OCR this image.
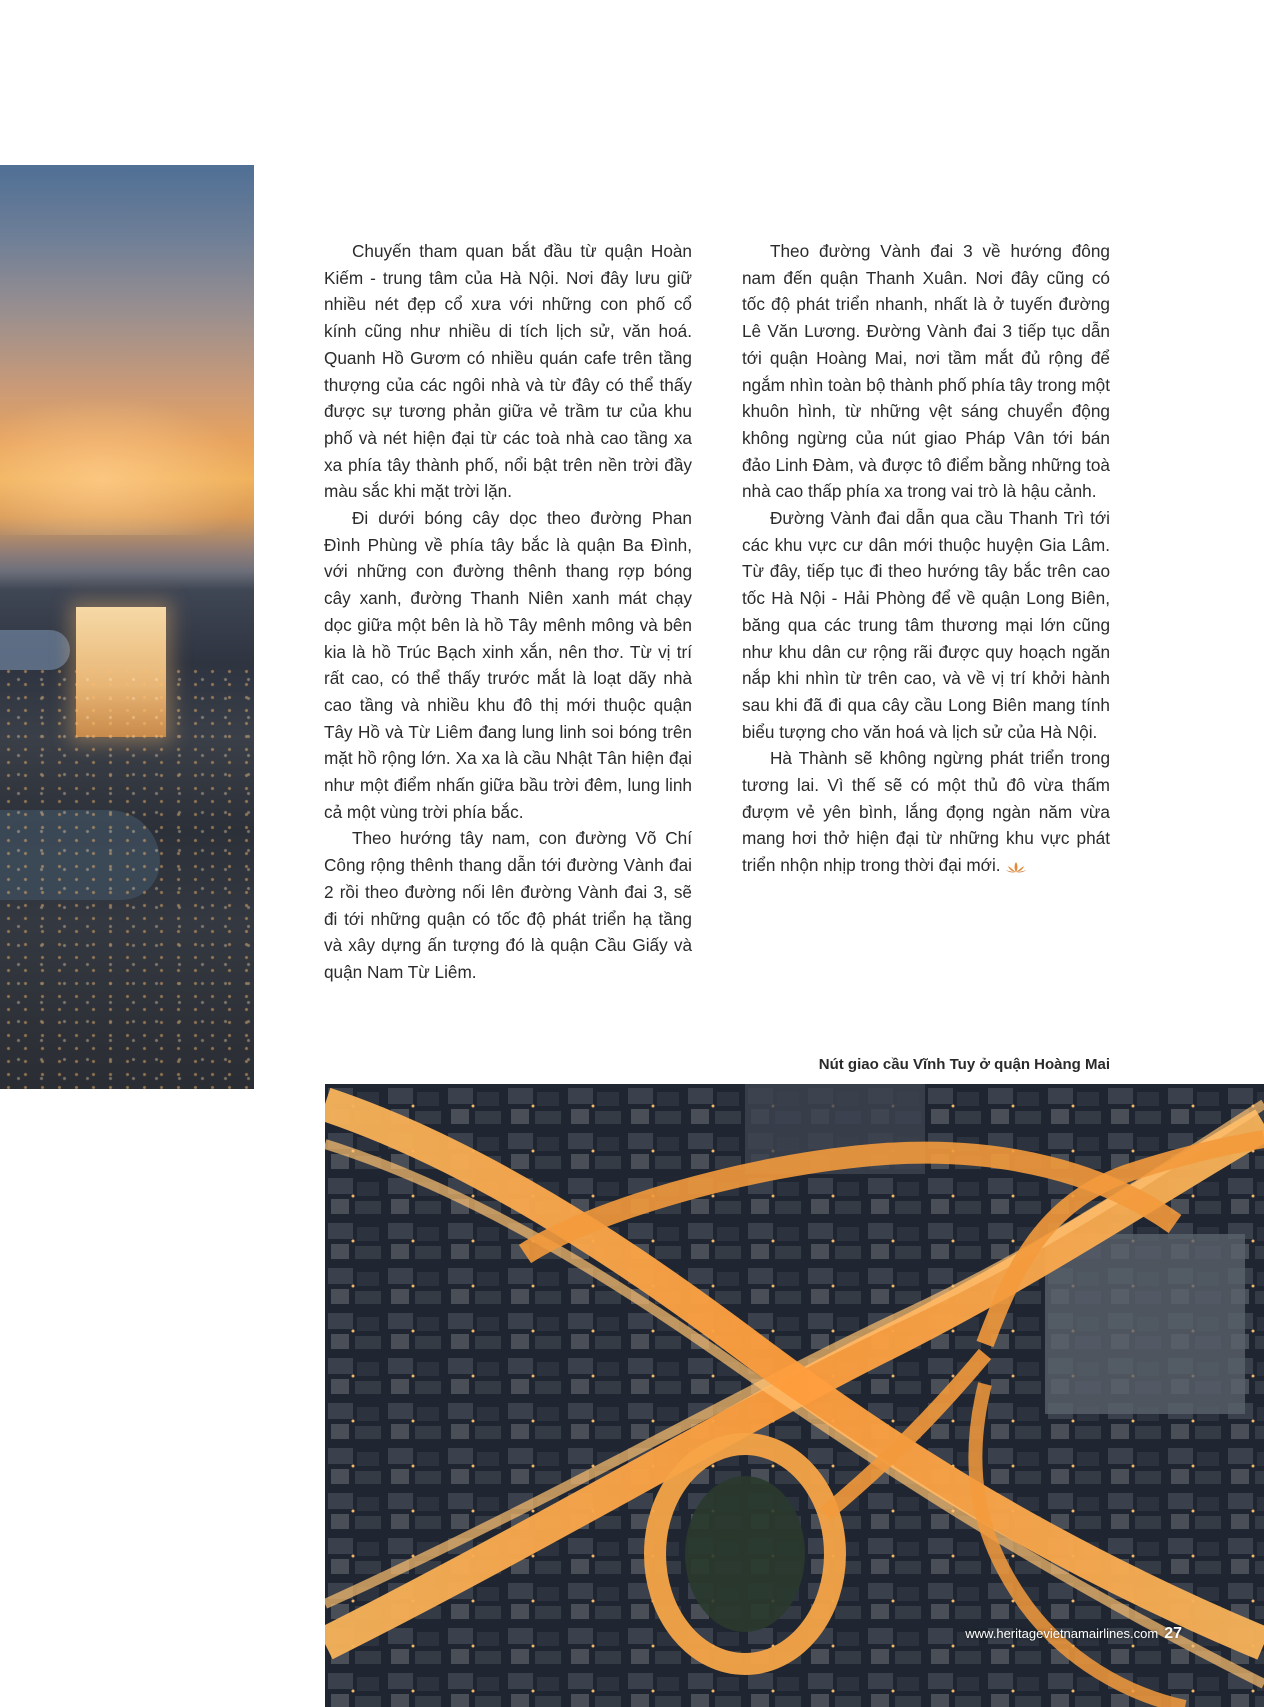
Chuyến tham quan bắt đầu từ quận Hoàn Kiếm - trung tâm của Hà Nội. Nơi đây lưu giữ nhiều nét đẹp cổ xưa với những con phố cổ kính cũng như nhiều di tích lịch sử, văn hoá. Quanh Hồ Gươm có nhiều quán cafe trên tầng thượng của các ngôi nhà và từ đây có thể thấy được sự tương phản giữa vẻ trầm tư của khu phố và nét hiện đại từ các toà nhà cao tầng xa xa phía tây thành phố, nổi bật trên nền trời đầy màu sắc khi mặt trời lặn.

Đi dưới bóng cây dọc theo đường Phan Đình Phùng về phía tây bắc là quận Ba Đình, với những con đường thênh thang rợp bóng cây xanh, đường Thanh Niên xanh mát chạy dọc giữa một bên là hồ Tây mênh mông và bên kia là hồ Trúc Bạch xinh xắn, nên thơ. Từ vị trí rất cao, có thể thấy trước mắt là loạt dãy nhà cao tầng và nhiều khu đô thị mới thuộc quận Tây Hồ và Từ Liêm đang lung linh soi bóng trên mặt hồ rộng lớn. Xa xa là cầu Nhật Tân hiện đại như một điểm nhấn giữa bầu trời đêm, lung linh cả một vùng trời phía bắc.

Theo hướng tây nam, con đường Võ Chí Công rộng thênh thang dẫn tới đường Vành đai 2 rồi theo đường nối lên đường Vành đai 3, sẽ đi tới những quận có tốc độ phát triển hạ tầng và xây dựng ấn tượng đó là quận Cầu Giấy và quận Nam Từ Liêm.

Theo đường Vành đai 3 về hướng đông nam đến quận Thanh Xuân. Nơi đây cũng có tốc độ phát triển nhanh, nhất là ở tuyến đường Lê Văn Lương. Đường Vành đai 3 tiếp tục dẫn tới quận Hoàng Mai, nơi tầm mắt đủ rộng để ngắm nhìn toàn bộ thành phố phía tây trong một khuôn hình, từ những vệt sáng chuyển động không ngừng của nút giao Pháp Vân tới bán đảo Linh Đàm, và được tô điểm bằng những toà nhà cao thấp phía xa trong vai trò là hậu cảnh.

Đường Vành đai dẫn qua cầu Thanh Trì tới các khu vực cư dân mới thuộc huyện Gia Lâm. Từ đây, tiếp tục đi theo hướng tây bắc trên cao tốc Hà Nội - Hải Phòng để về quận Long Biên, băng qua các trung tâm thương mại lớn cũng như khu dân cư rộng rãi được quy hoạch ngăn nắp khi nhìn từ trên cao, và về vị trí khởi hành sau khi đã đi qua cây cầu Long Biên mang tính biểu tượng cho văn hoá và lịch sử của Hà Nội.

Hà Thành sẽ không ngừng phát triển trong tương lai. Vì thế sẽ có một thủ đô vừa thấm đượm vẻ yên bình, lắng đọng ngàn năm vừa mang hơi thở hiện đại từ những khu vực phát triển nhộn nhịp trong thời đại mới.

Nút giao cầu Vĩnh Tuy ở quận Hoàng Mai
www.heritagevietnamairlines.com 27
